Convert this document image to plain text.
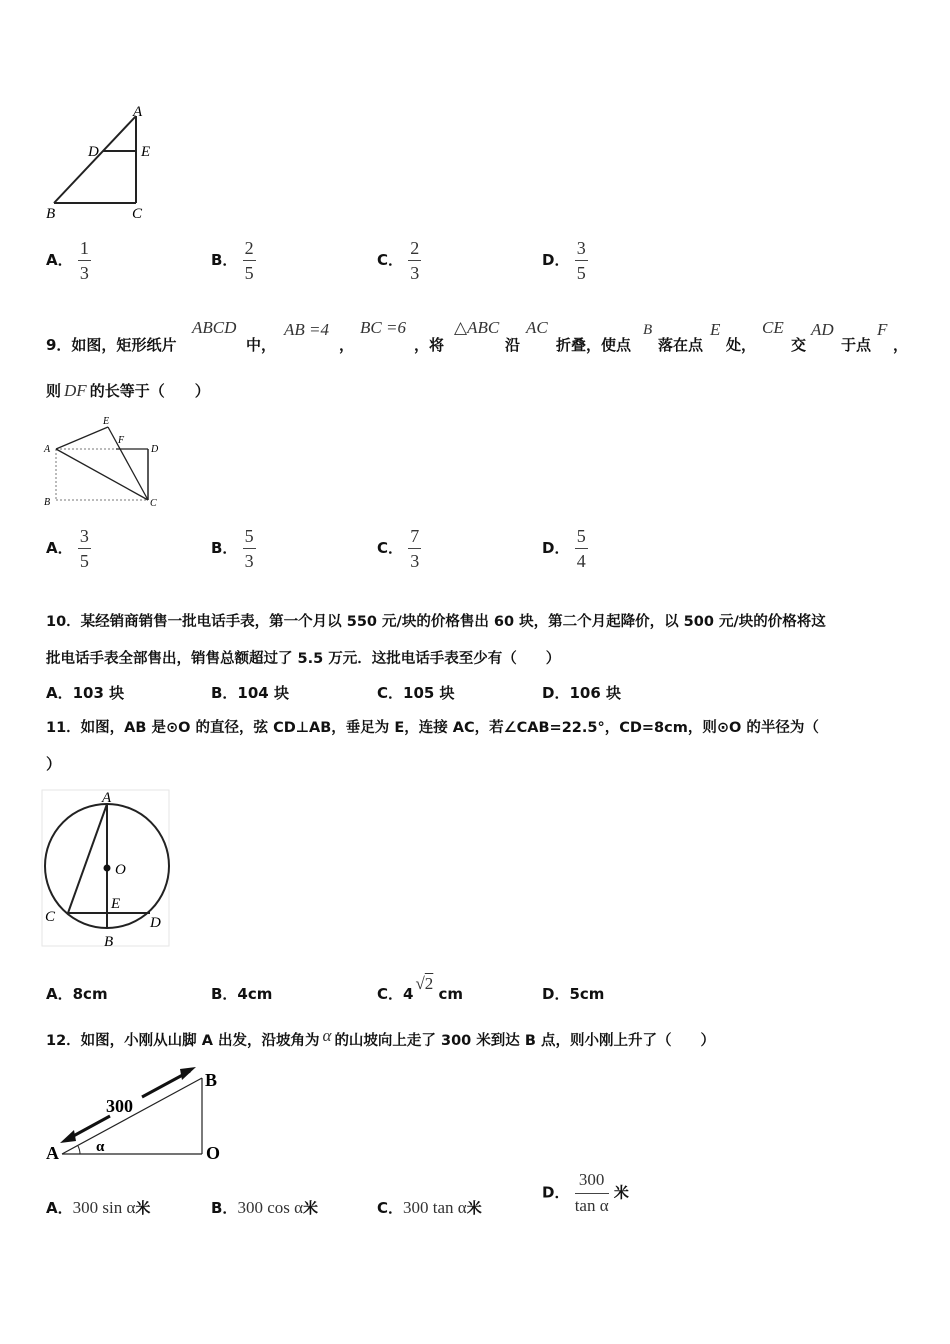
A
D	E
B	C
A． $\frac{1}{3}$	B． $\frac{2}{5}$	C． $\frac{2}{3}$	D． $\frac{3}{5}$
9．如图，矩形纸片
ABCD
中，
AB =4
，
BC =6
，将
△ABC
沿
AC
折叠，使点
B
落在点
E
处，
CE
交
AD
于点
F
，
则 DF 的长等于（　　）
A
B	C
D
E
F
A． $\frac{3}{5}$	B． $\frac{5}{3}$	C． $\frac{7}{3}$	D． $\frac{5}{4}$
10．某经销商销售一批电话手表，第一个月以 550 元/块的价格售出 60 块，第二个月起降价，以 500 元/块的价格将这
批电话手表全部售出，销售总额超过了 5.5 万元．这批电话手表至少有（　　）
A．103 块	B．104 块	C．105 块	D．106 块
11．如图，AB 是⊙O 的直径，弦 CD⊥AB，垂足为 E，连接 AC，若∠CAB=22.5°，CD=8cm，则⊙O 的半径为（
）
A
O
E
C	D
B
A．8cm	B．4cm	C．4√2 cm	D．5cm
12．如图，小刚从山脚 A 出发，沿坡角为 α 的山坡向上走了 300 米到达 B 点，则小刚上升了（　　）
300
α
A
B
O
A．300 sin α米	B．300 cos α米	C．300 tan α米
D． $\frac{300}{\text{tan α}}$ 米
